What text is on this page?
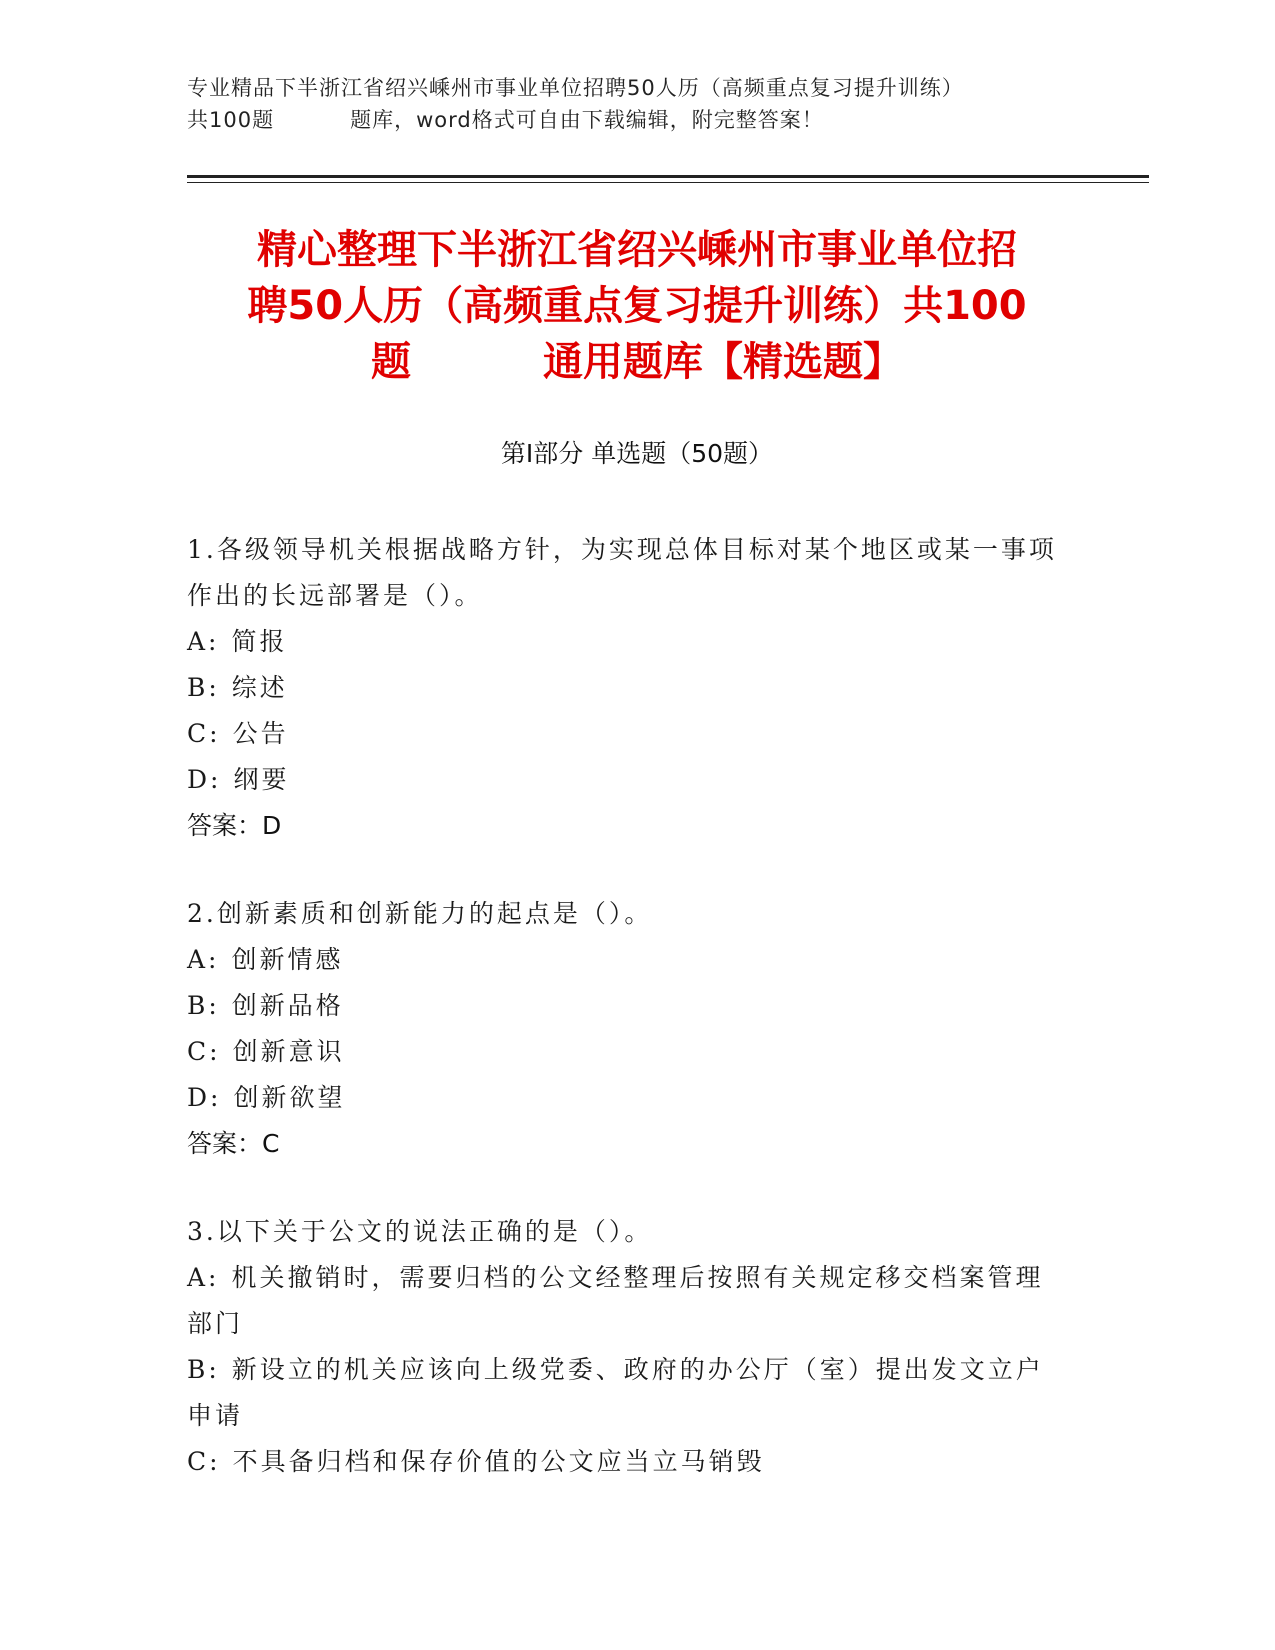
专业精品下半浙江省绍兴嵊州市事业单位招聘50人历（高频重点复习提升训练）
共100题	题库，word格式可自由下载编辑，附完整答案！
精心整理下半浙江省绍兴嵊州市事业单位招
聘50人历（高频重点复习提升训练）共100
题	通用题库【精选题】
第Ⅰ部分 单选题（50题）
1.各级领导机关根据战略方针，为实现总体目标对某个地区或某一事项作出的长远部署是（）。
A: 简报
B: 综述
C: 公告
D: 纲要
答案：D
2.创新素质和创新能力的起点是（）。
A: 创新情感
B: 创新品格
C: 创新意识
D: 创新欲望
答案：C
3.以下关于公文的说法正确的是（）。
A: 机关撤销时，需要归档的公文经整理后按照有关规定移交档案管理部门
B: 新设立的机关应该向上级党委、政府的办公厅（室）提出发文立户申请
C: 不具备归档和保存价值的公文应当立马销毁
